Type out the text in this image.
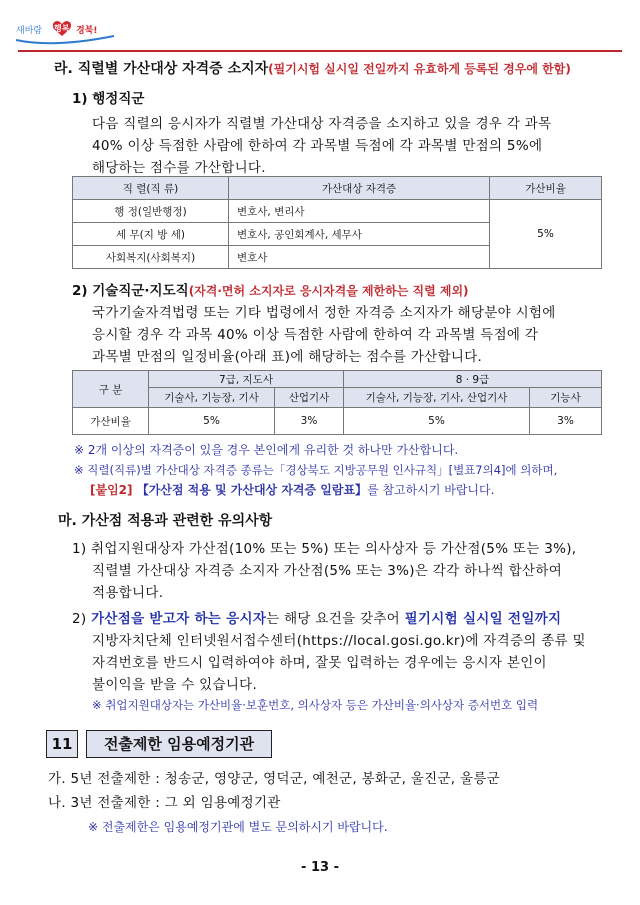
새바람 행복 경북!
라. 직렬별 가산대상 자격증 소지자(필기시험 실시일 전일까지 유효하게 등록된 경우에 한함)
1) 행정직군
다음 직렬의 응시자가 직렬별 가산대상 자격증을 소지하고 있을 경우 각 과목
40% 이상 득점한 사람에 한하여 각 과목별 득점에 각 과목별 만점의 5%에
해당하는 점수를 가산합니다.
직 렬(직 류)	가산대상 자격증	가산비율
행 정(일반행정)	변호사, 변리사	5%
세 무(지 방 세)	변호사, 공인회계사, 세무사	
사회복지(사회복지)	변호사	
2) 기술직군·지도직(자격·면허 소지자로 응시자격을 제한하는 직렬 제외)
국가기술자격법령 또는 기타 법령에서 정한 자격증 소지자가 해당분야 시험에
응시할 경우 각 과목 40% 이상 득점한 사람에 한하여 각 과목별 득점에 각
과목별 만점의 일정비율(아래 표)에 해당하는 점수를 가산합니다.
구 분	7급, 지도사		8 · 9급	
	기술사, 기능장, 기사	산업기사	기술사, 기능장, 기사, 산업기사	기능사
가산비율	5%	3%	5%	3%
※ 2개 이상의 자격증이 있을 경우 본인에게 유리한 것 하나만 가산합니다.
※ 직렬(직류)별 가산대상 자격증 종류는「경상북도 지방공무원 인사규칙」[별표7의4]에 의하며,
[붙임2] 【가산점 적용 및 가산대상 자격증 일람표】를 참고하시기 바랍니다.
마. 가산점 적용과 관련한 유의사항
1) 취업지원대상자 가산점(10% 또는 5%) 또는 의사상자 등 가산점(5% 또는 3%),
직렬별 가산대상 자격증 소지자 가산점(5% 또는 3%)은 각각 하나씩 합산하여
적용합니다.
2) 가산점을 받고자 하는 응시자는 해당 요건을 갖추어 필기시험 실시일 전일까지
지방자치단체 인터넷원서접수센터(https://local.gosi.go.kr)에 자격증의 종류 및
자격번호를 반드시 입력하여야 하며, 잘못 입력하는 경우에는 응시자 본인이
불이익을 받을 수 있습니다.
※ 취업지원대상자는 가산비율·보훈번호, 의사상자 등은 가산비율·의사상자 증서번호 입력
11	전출제한 임용예정기관
가. 5년 전출제한 : 청송군, 영양군, 영덕군, 예천군, 봉화군, 울진군, 울릉군
나. 3년 전출제한 : 그 외 임용예정기관
※ 전출제한은 임용예정기관에 별도 문의하시기 바랍니다.
- 13 -
